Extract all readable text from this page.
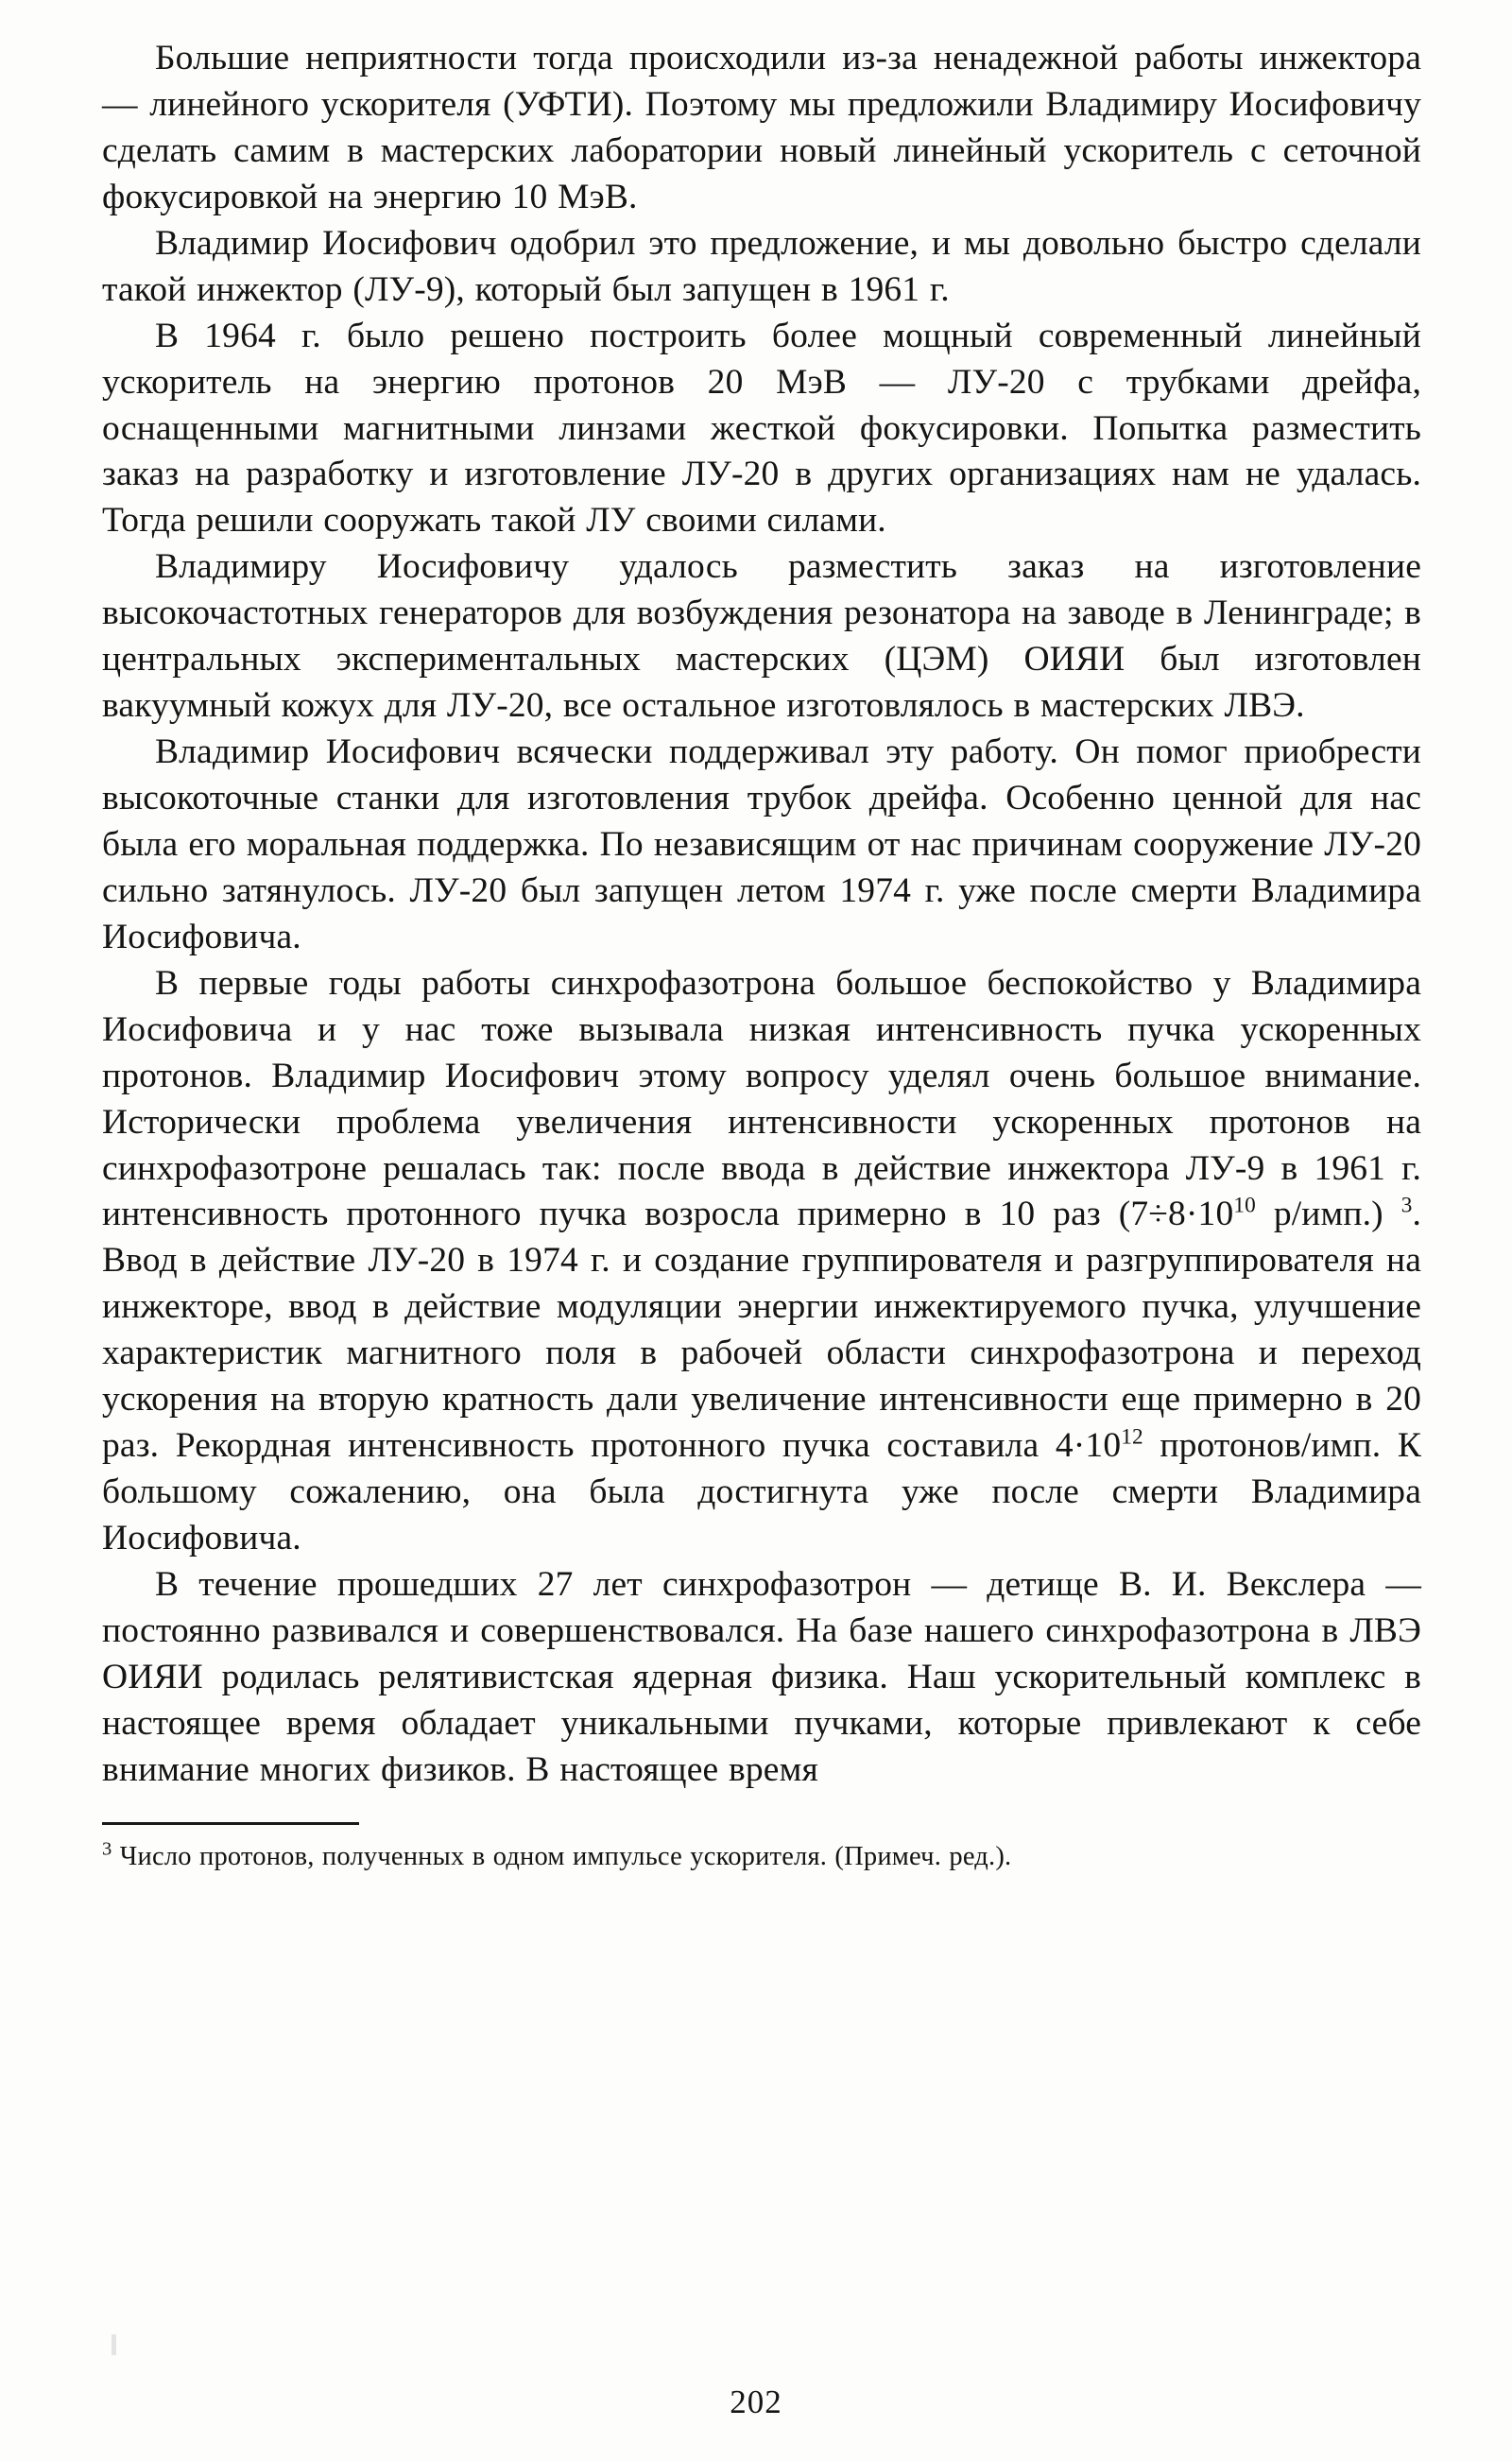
Большие неприятности тогда происходили из-за ненадежной работы инжектора — линейного ускорителя (УФТИ). Поэтому мы предложили Владимиру Иосифовичу сделать самим в мастерских лаборатории новый линейный ускоритель с сеточной фокусировкой на энергию 10 МэВ.

Владимир Иосифович одобрил это предложение, и мы довольно быстро сделали такой инжектор (ЛУ-9), который был запущен в 1961 г.

В 1964 г. было решено построить более мощный современный линейный ускоритель на энергию протонов 20 МэВ — ЛУ-20 с трубками дрейфа, оснащенными магнитными линзами жесткой фокусировки. Попытка разместить заказ на разработку и изготовление ЛУ-20 в других организациях нам не удалась. Тогда решили сооружать такой ЛУ своими силами.

Владимиру Иосифовичу удалось разместить заказ на изготовление высокочастотных генераторов для возбуждения резонатора на заводе в Ленинграде; в центральных экспериментальных мастерских (ЦЭМ) ОИЯИ был изготовлен вакуумный кожух для ЛУ-20, все остальное изготовлялось в мастерских ЛВЭ.

Владимир Иосифович всячески поддерживал эту работу. Он помог приобрести высокоточные станки для изготовления трубок дрейфа. Особенно ценной для нас была его моральная поддержка. По независящим от нас причинам сооружение ЛУ-20 сильно затянулось. ЛУ-20 был запущен летом 1974 г. уже после смерти Владимира Иосифовича.

В первые годы работы синхрофазотрона большое беспокойство у Владимира Иосифовича и у нас тоже вызывала низкая интенсивность пучка ускоренных протонов. Владимир Иосифович этому вопросу уделял очень большое внимание. Исторически проблема увеличения интенсивности ускоренных протонов на синхрофазотроне решалась так: после ввода в действие инжектора ЛУ-9 в 1961 г. интенсивность протонного пучка возросла примерно в 10 раз ($7\div 8\cdot 10^{10}$ р/имп.) $^3$. Ввод в действие ЛУ-20 в 1974 г. и создание группирователя и разгруппирователя на инжекторе, ввод в действие модуляции энергии инжектируемого пучка, улучшение характеристик магнитного поля в рабочей области синхрофазотрона и переход ускорения на вторую кратность дали увеличение интенсивности еще примерно в 20 раз. Рекордная интенсивность протонного пучка составила $4\cdot 10^{12}$ протонов/имп. К большому сожалению, она была достигнута уже после смерти Владимира Иосифовича.

В течение прошедших 27 лет синхрофазотрон — детище В. И. Векслера — постоянно развивался и совершенствовался. На базе нашего синхрофазотрона в ЛВЭ ОИЯИ родилась релятивистская ядерная физика. Наш ускорительный комплекс в настоящее время обладает уникальными пучками, которые привлекают к себе внимание многих физиков. В настоящее время

$^3$ Число протонов, полученных в одном импульсе ускорителя. (Примеч. ред.).
202
